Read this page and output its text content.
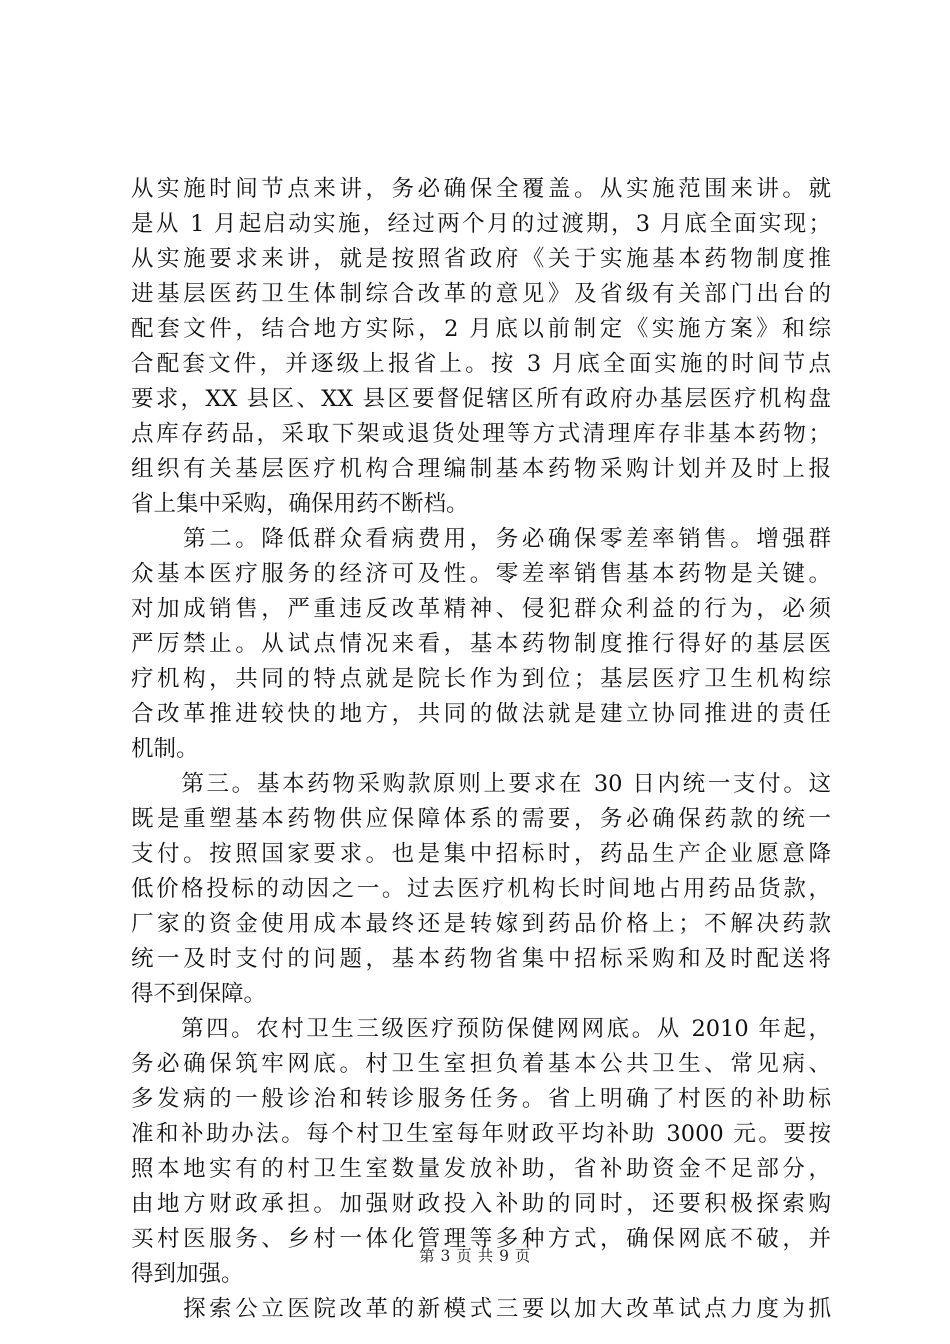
从实施时间节点来讲，务必确保全覆盖。从实施范围来讲。就
是从 1 月起启动实施，经过两个月的过渡期，3 月底全面实现；
从实施要求来讲，就是按照省政府《关于实施基本药物制度推
进基层医药卫生体制综合改革的意见》及省级有关部门出台的
配套文件，结合地方实际，2 月底以前制定《实施方案》和综
合配套文件，并逐级上报省上。按 3 月底全面实施的时间节点
要求，XX 县区、XX 县区要督促辖区所有政府办基层医疗机构盘
点库存药品，采取下架或退货处理等方式清理库存非基本药物；
组织有关基层医疗机构合理编制基本药物采购计划并及时上报
省上集中采购，确保用药不断档。
　　第二。降低群众看病费用，务必确保零差率销售。增强群
众基本医疗服务的经济可及性。零差率销售基本药物是关键。
对加成销售，严重违反改革精神、侵犯群众利益的行为，必须
严厉禁止。从试点情况来看，基本药物制度推行得好的基层医
疗机构，共同的特点就是院长作为到位；基层医疗卫生机构综
合改革推进较快的地方，共同的做法就是建立协同推进的责任
机制。
　　第三。基本药物采购款原则上要求在 30 日内统一支付。这
既是重塑基本药物供应保障体系的需要，务必确保药款的统一
支付。按照国家要求。也是集中招标时，药品生产企业愿意降
低价格投标的动因之一。过去医疗机构长时间地占用药品货款，
厂家的资金使用成本最终还是转嫁到药品价格上；不解决药款
统一及时支付的问题，基本药物省集中招标采购和及时配送将
得不到保障。
　　第四。农村卫生三级医疗预防保健网网底。从 2010 年起，
务必确保筑牢网底。村卫生室担负着基本公共卫生、常见病、
多发病的一般诊治和转诊服务任务。省上明确了村医的补助标
准和补助办法。每个村卫生室每年财政平均补助 3000 元。要按
照本地实有的村卫生室数量发放补助，省补助资金不足部分，
由地方财政承担。加强财政投入补助的同时，还要积极探索购
买村医服务、乡村一体化管理等多种方式，确保网底不破，并
得到加强。
　　探索公立医院改革的新模式三要以加大改革试点力度为抓
第 3 页 共 9 页
